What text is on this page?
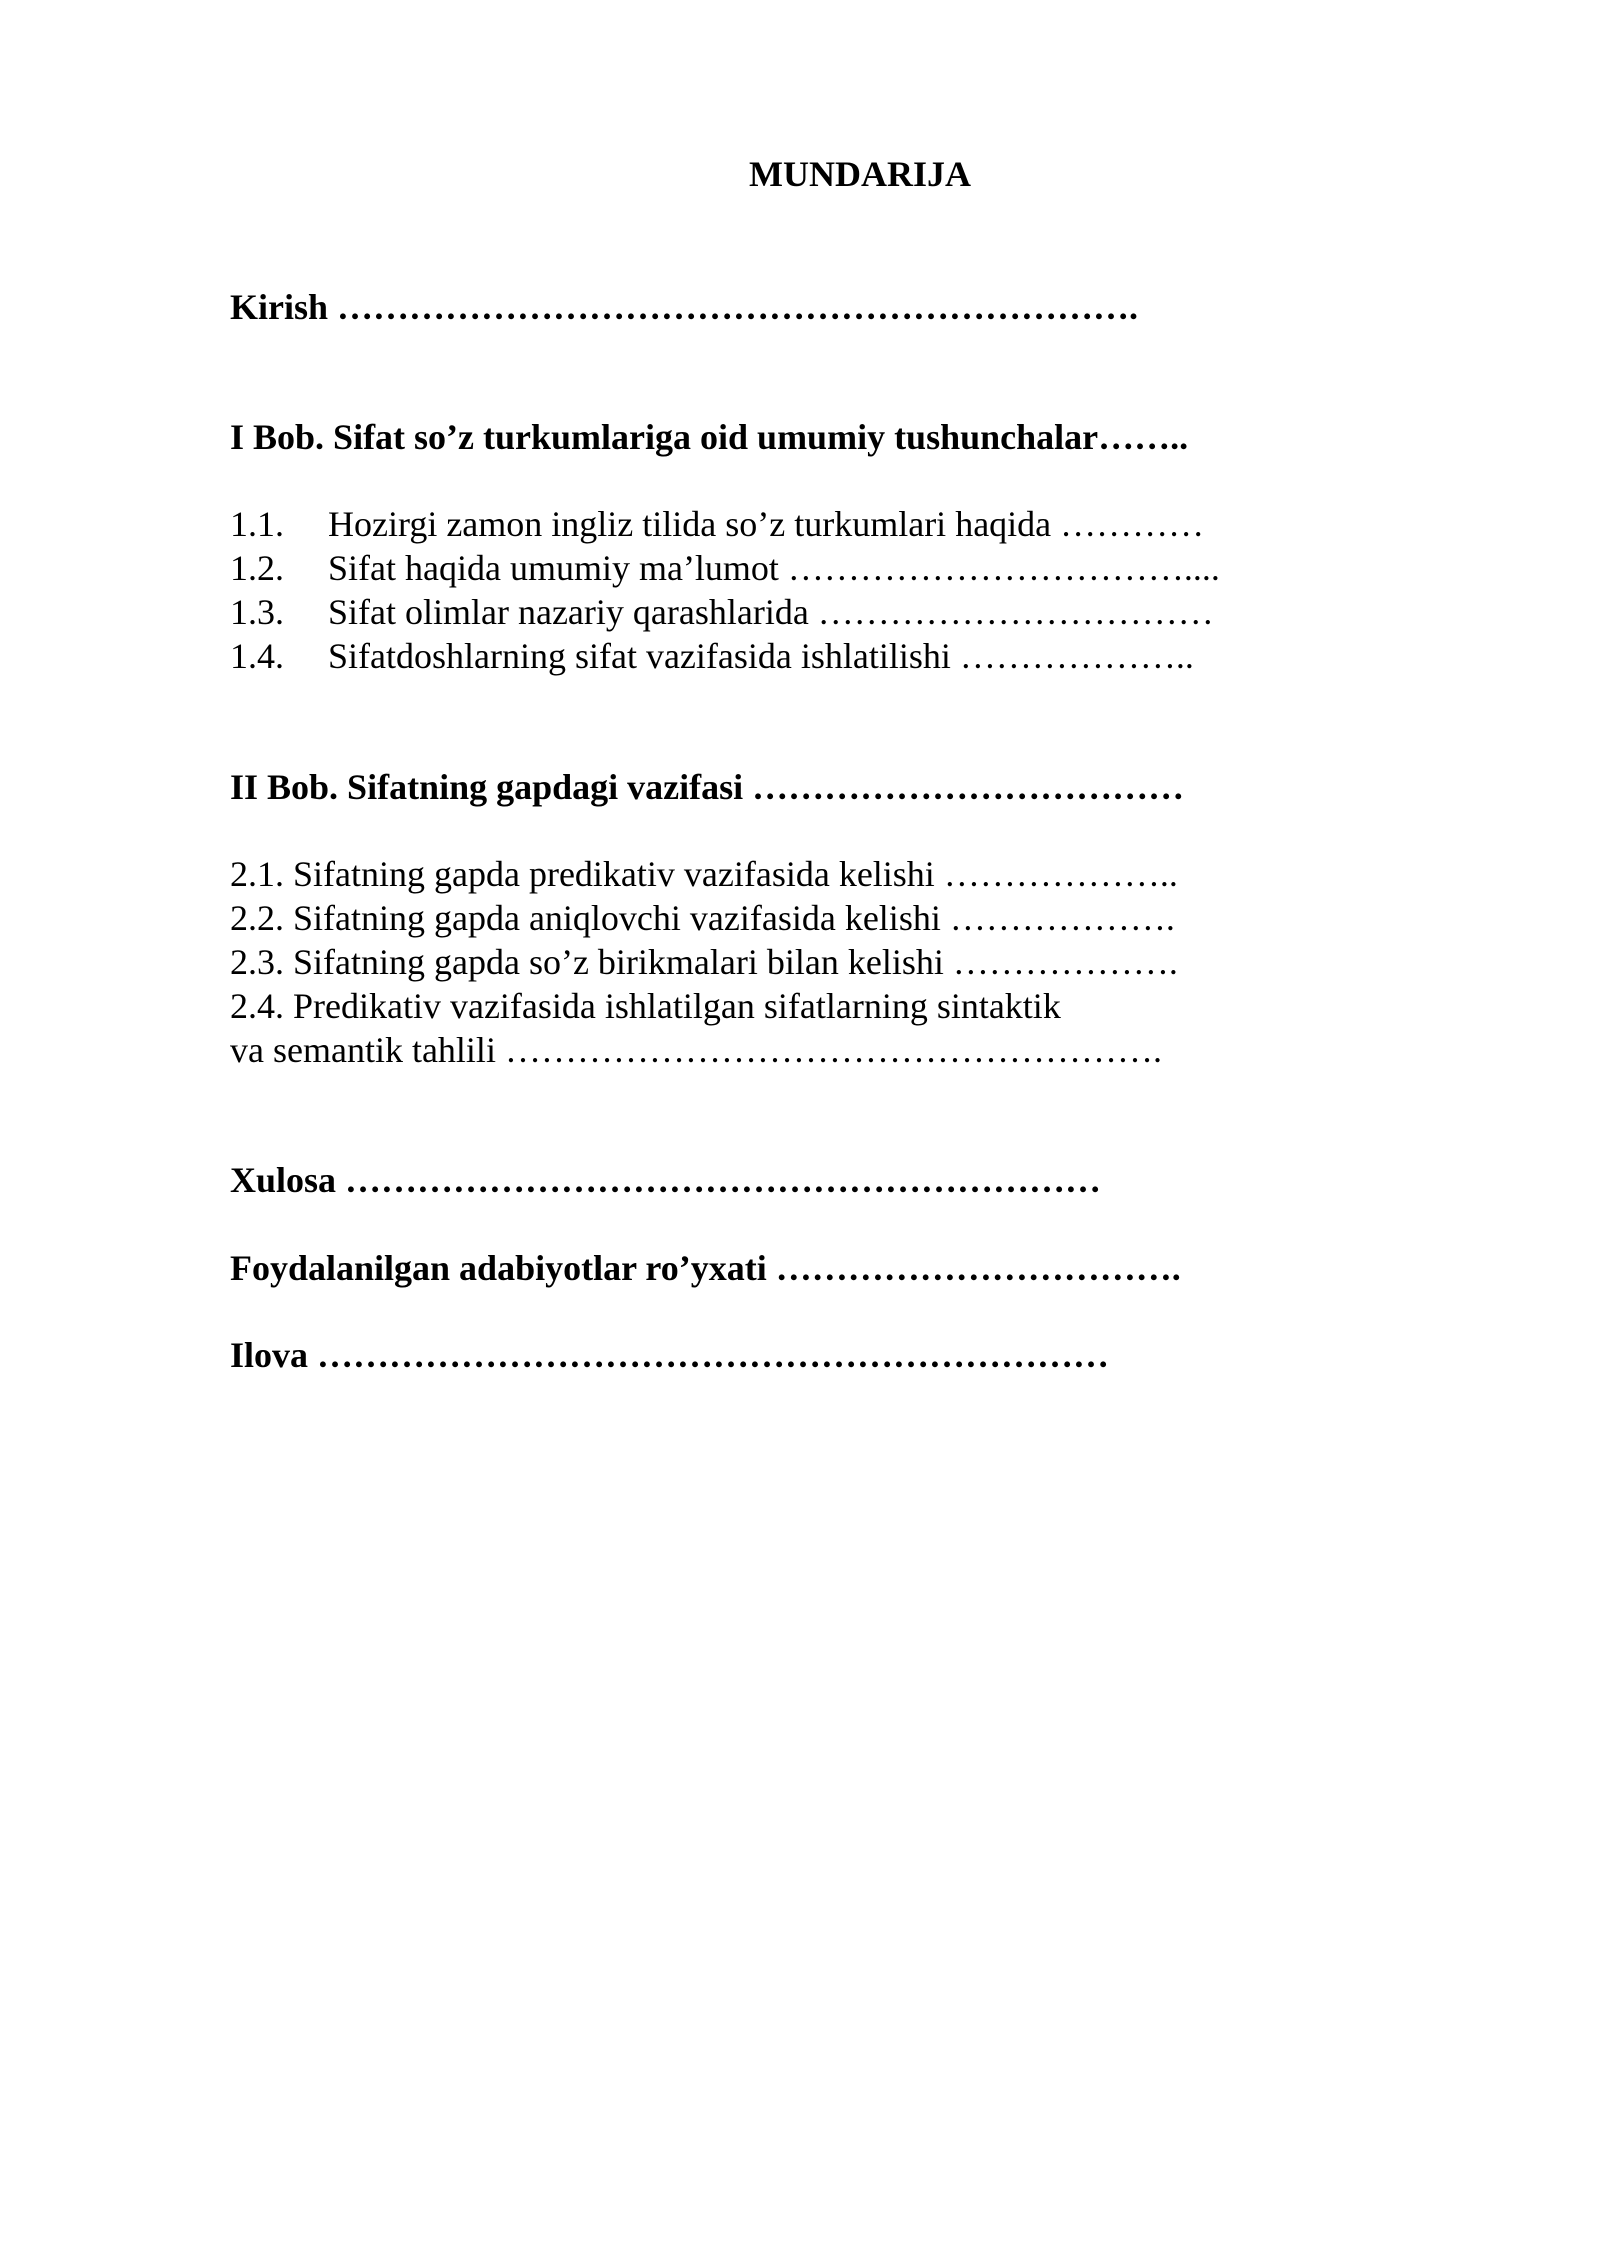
MUNDARIJA
Kirish ………………………………………………………….
I Bob. Sifat so’z turkumlariga oid umumiy tushunchalar……..
1.1. Hozirgi zamon ingliz tilida so’z turkumlari haqida …………
1.2. Sifat haqida umumiy ma’lumot ……………………………....
1.3. Sifat olimlar nazariy qarashlarida ……………………………
1.4. Sifatdoshlarning sifat vazifasida ishlatilishi ………………..
II Bob. Sifatning gapdagi vazifasi ………………………………
2.1. Sifatning gapda predikativ vazifasida kelishi ………………..
2.2. Sifatning gapda aniqlovchi vazifasida kelishi ……………….
2.3. Sifatning gapda so’z birikmalari bilan kelishi ……………….
2.4. Predikativ vazifasida ishlatilgan sifatlarning sintaktik
va semantik tahlili ……………………………………………….
Xulosa ………………………………………………………
Foydalanilgan adabiyotlar ro’yxati …………………………….
Ilova …………………………………………………………
